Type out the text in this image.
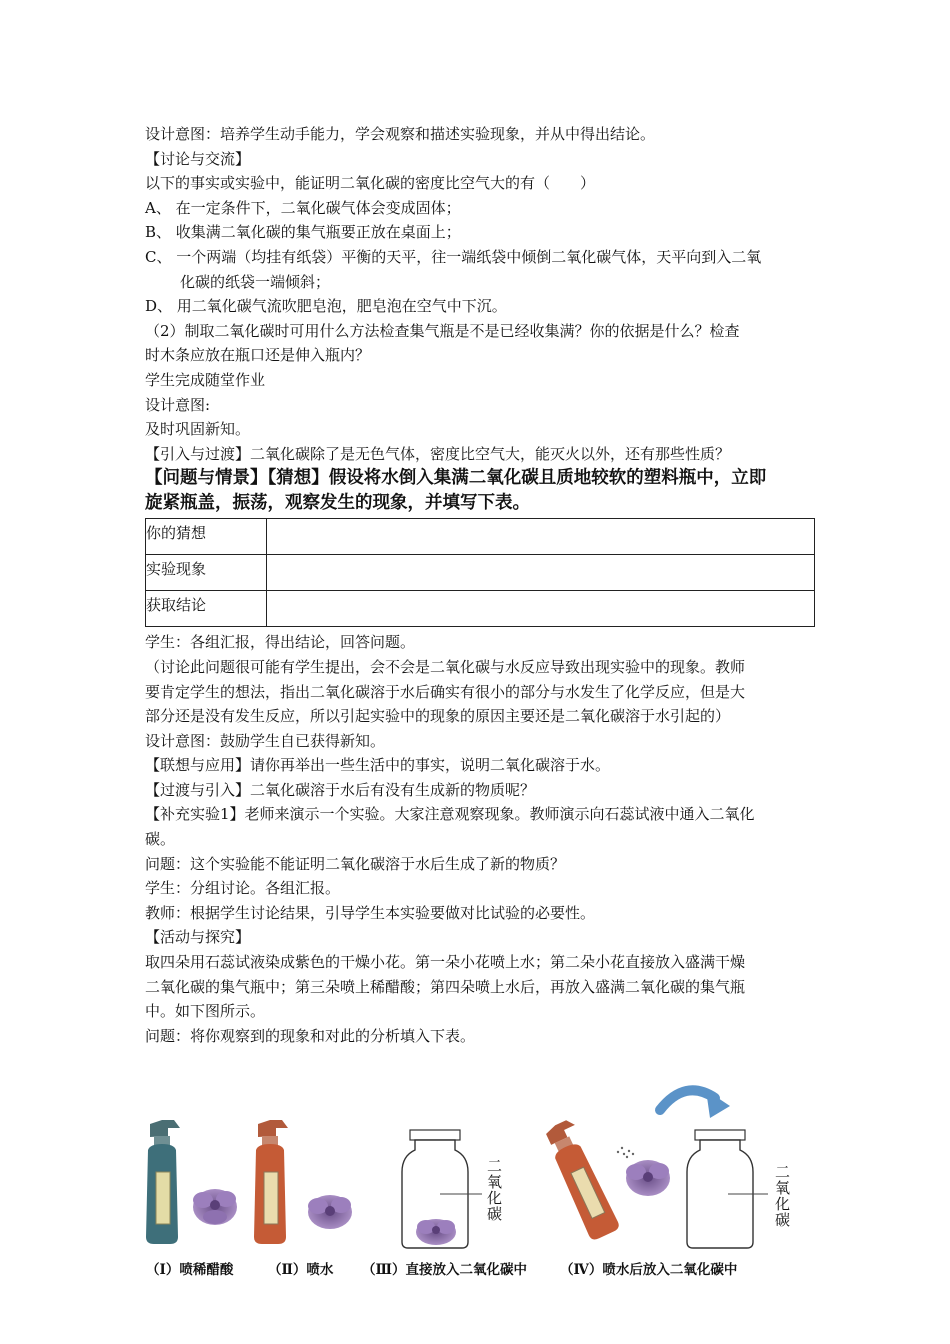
设计意图：培养学生动手能力，学会观察和描述实验现象，并从中得出结论。
【讨论与交流】
以下的事实或实验中，能证明二氧化碳的密度比空气大的有（　　）
A、 在一定条件下，二氧化碳气体会变成固体；
B、 收集满二氧化碳的集气瓶要正放在桌面上；
C、 一个两端（均挂有纸袋）平衡的天平，往一端纸袋中倾倒二氧化碳气体，天平向到入二氧
化碳的纸袋一端倾斜；
D、 用二氧化碳气流吹肥皂泡，肥皂泡在空气中下沉。
（2）制取二氧化碳时可用什么方法检查集气瓶是不是已经收集满？你的依据是什么？检查
时木条应放在瓶口还是伸入瓶内？
学生完成随堂作业
设计意图:
及时巩固新知。
【引入与过渡】二氧化碳除了是无色气体，密度比空气大，能灭火以外，还有那些性质？
【问题与情景】【猜想】假设将水倒入集满二氧化碳且质地较软的塑料瓶中，立即
旋紧瓶盖，振荡，观察发生的现象，并填写下表。
你的猜想	
实验现象	
获取结论	
学生：各组汇报，得出结论，回答问题。
（讨论此问题很可能有学生提出，会不会是二氧化碳与水反应导致出现实验中的现象。教师
要肯定学生的想法，指出二氧化碳溶于水后确实有很小的部分与水发生了化学反应，但是大
部分还是没有发生反应，所以引起实验中的现象的原因主要还是二氧化碳溶于水引起的）
设计意图：鼓励学生自已获得新知。
【联想与应用】请你再举出一些生活中的事实，说明二氧化碳溶于水。
【过渡与引入】二氧化碳溶于水后有没有生成新的物质呢？
【补充实验1】老师来演示一个实验。大家注意观察现象。教师演示向石蕊试液中通入二氧化
碳。
问题：这个实验能不能证明二氧化碳溶于水后生成了新的物质？
学生：分组讨论。各组汇报。
教师：根据学生讨论结果，引导学生本实验要做对比试验的必要性。
【活动与探究】
取四朵用石蕊试液染成紫色的干燥小花。第一朵小花喷上水；第二朵小花直接放入盛满干燥
二氧化碳的集气瓶中；第三朵喷上稀醋酸；第四朵喷上水后，再放入盛满二氧化碳的集气瓶
中。如下图所示。
问题：将你观察到的现象和对此的分析填入下表。
二氧化碳	二氧化碳
（Ⅰ）喷稀醋酸	（Ⅱ）喷水 （Ⅲ）直接放入二氧化碳中 （Ⅳ）喷水后放入二氧化碳中
